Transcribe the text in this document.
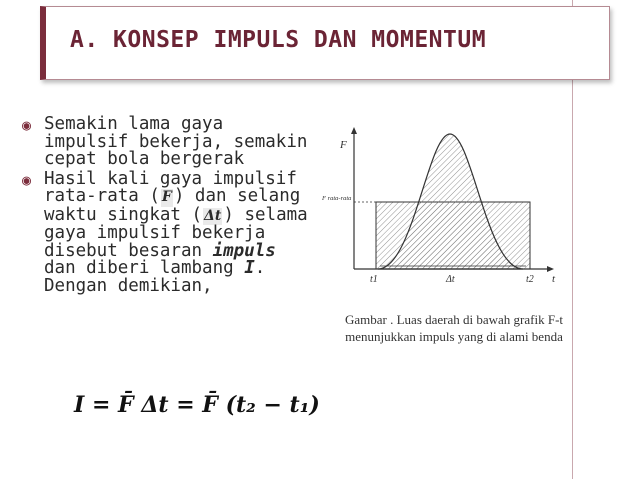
A. KONSEP IMPULS DAN MOMENTUM
◉ Semakin lama gaya impulsif bekerja, semakin cepat bola bergerak
◉ Hasil kali gaya impulsif rata-rata ( F ) dan selang waktu singkat ( Δt ) selama gaya impulsif bekerja disebut besaran impuls dan diberi lambang I. Dengan demikian,
I = F̄ Δt = F̄ (t₂ − t₁)
F
F rata-rata
t
t1	Δt	t2
Gambar . Luas daerah di bawah grafik F-t menunjukkan impuls yang di alami benda
